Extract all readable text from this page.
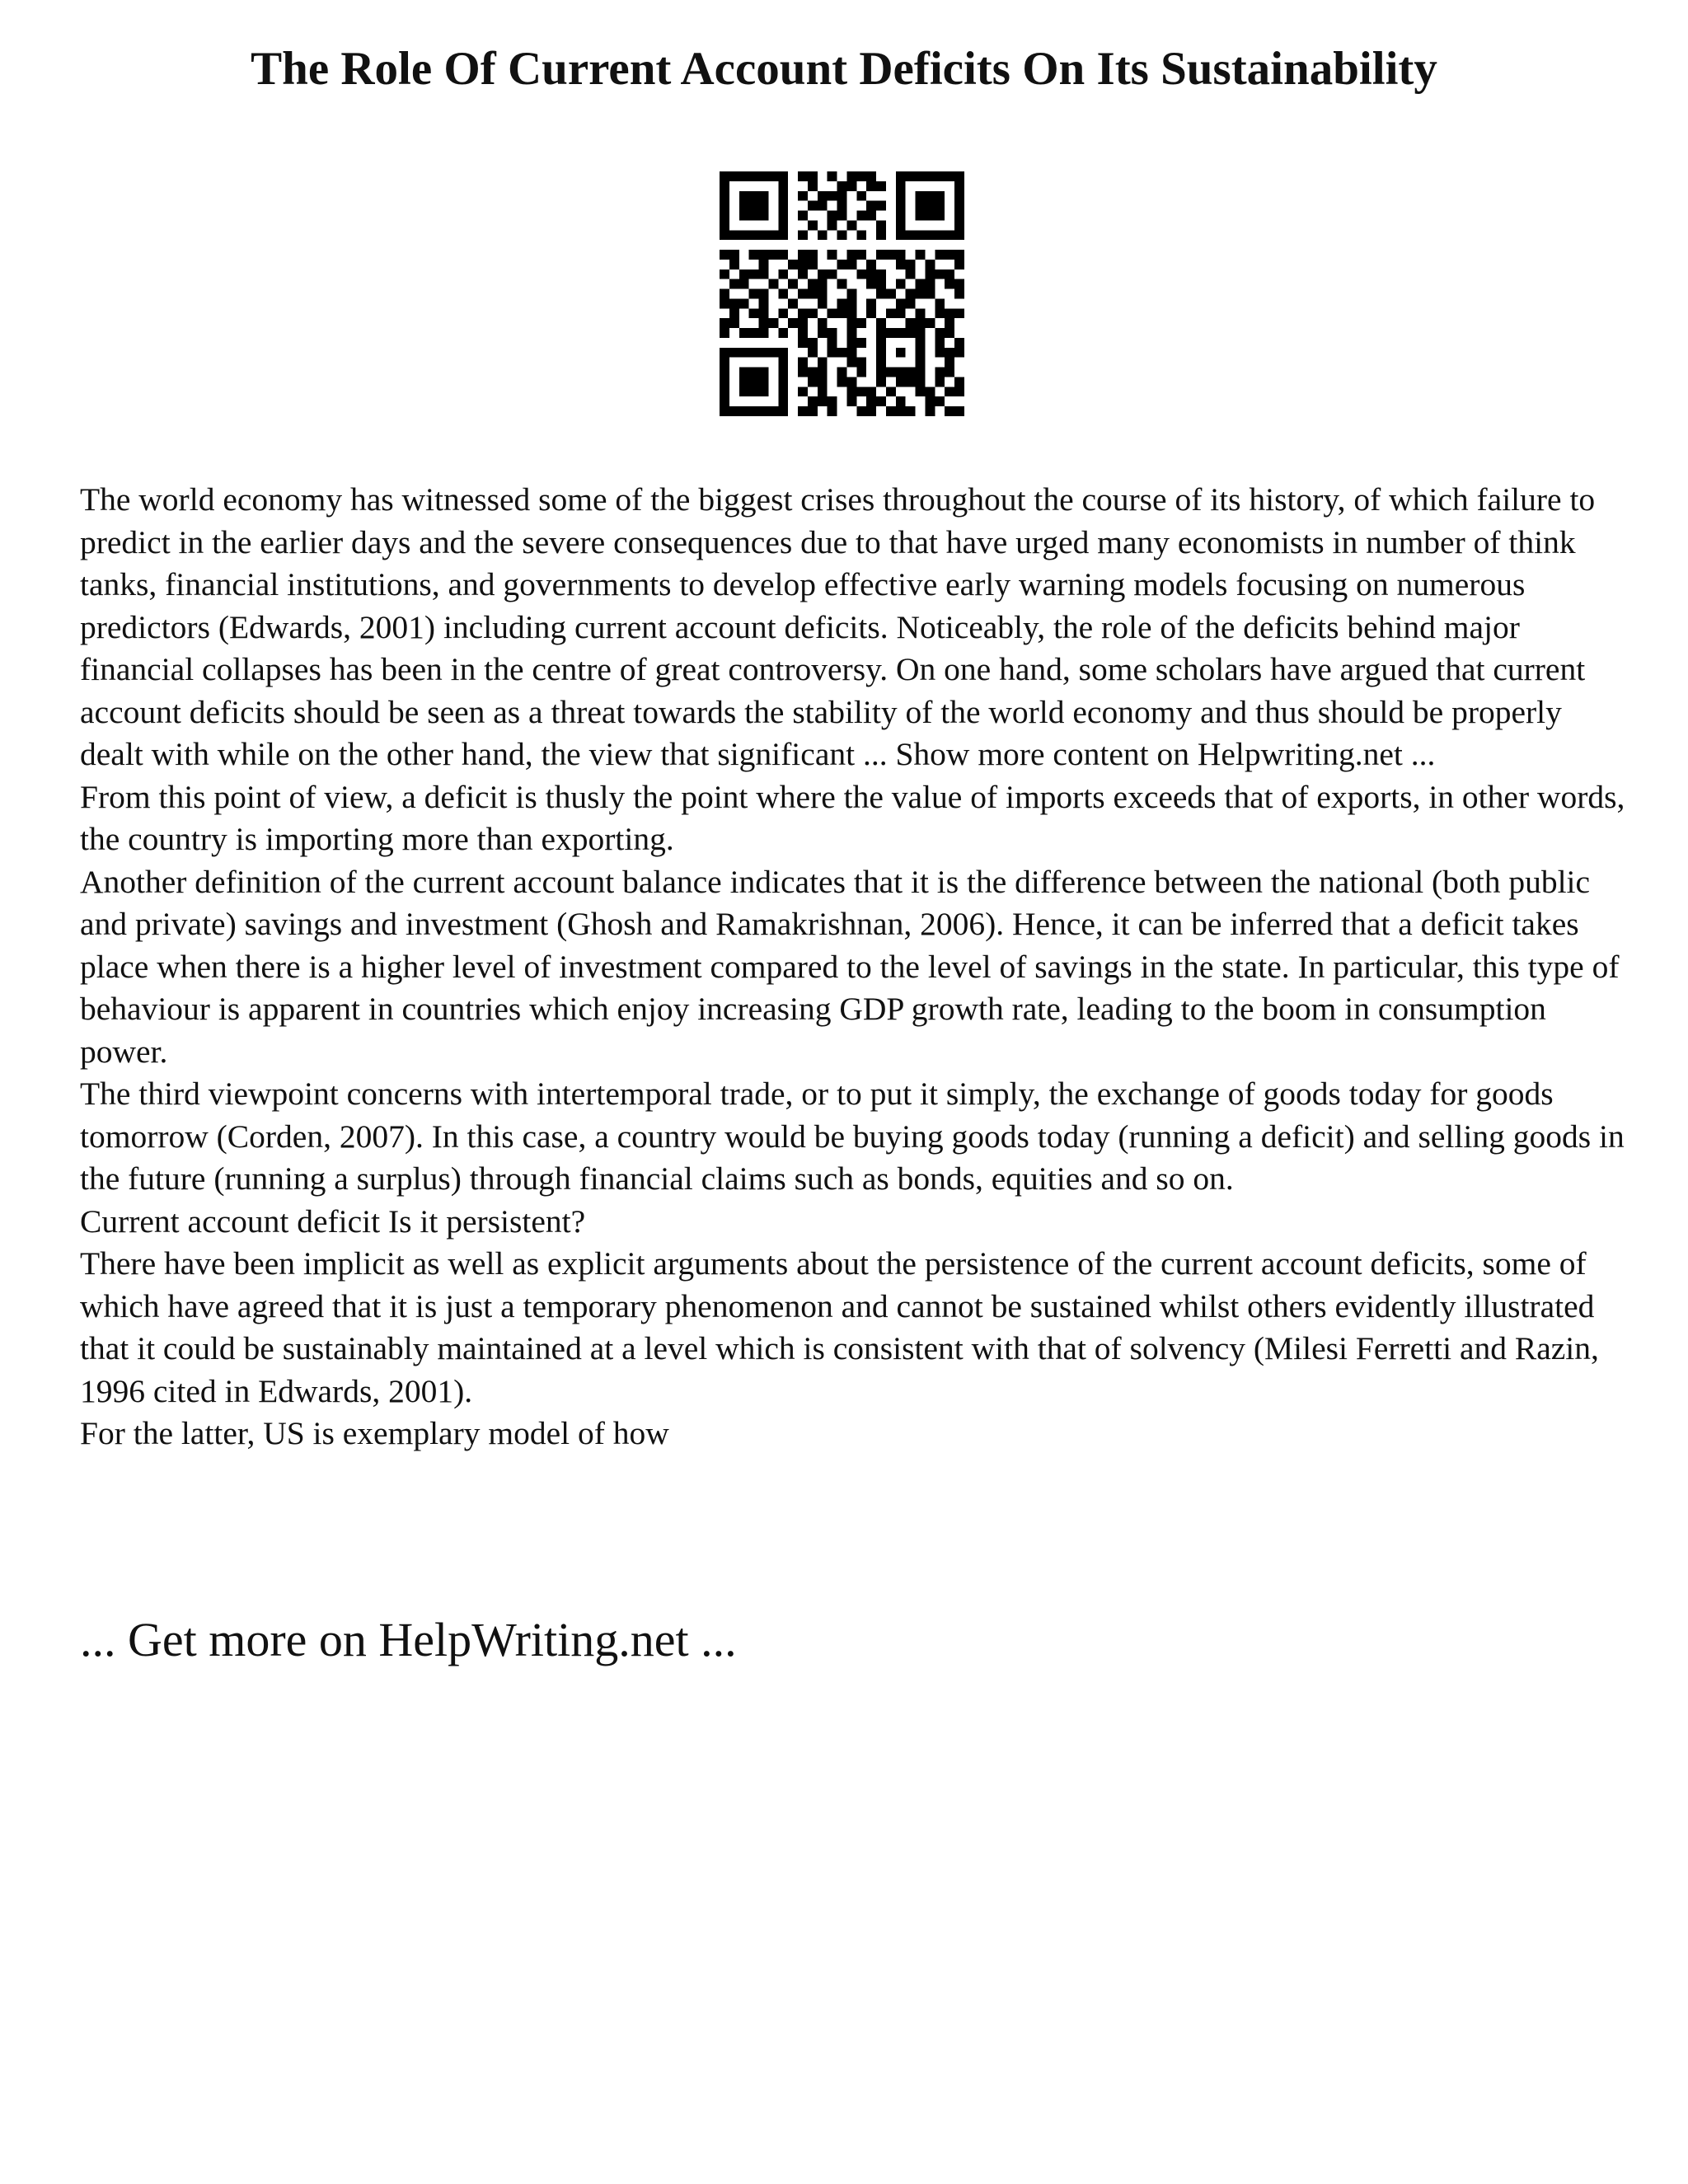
The Role Of Current Account Deficits On Its Sustainability

The world economy has witnessed some of the biggest crises throughout the course of its history, of which failure to predict in the earlier days and the severe consequences due to that have urged many economists in number of think tanks, financial institutions, and governments to develop effective early warning models focusing on numerous predictors (Edwards, 2001) including current account deficits. Noticeably, the role of the deficits behind major financial collapses has been in the centre of great controversy. On one hand, some scholars have argued that current account deficits should be seen as a threat towards the stability of the world economy and thus should be properly dealt with while on the other hand, the view that significant ... Show more content on Helpwriting.net ...

From this point of view, a deficit is thusly the point where the value of imports exceeds that of exports, in other words, the country is importing more than exporting.

Another definition of the current account balance indicates that it is the difference between the national (both public and private) savings and investment (Ghosh and Ramakrishnan, 2006). Hence, it can be inferred that a deficit takes place when there is a higher level of investment compared to the level of savings in the state. In particular, this type of behaviour is apparent in countries which enjoy increasing GDP growth rate, leading to the boom in consumption power.

The third viewpoint concerns with intertemporal trade, or to put it simply, the exchange of goods today for goods tomorrow (Corden, 2007). In this case, a country would be buying goods today (running a deficit) and selling goods in the future (running a surplus) through financial claims such as bonds, equities and so on.

Current account deficit Is it persistent?

There have been implicit as well as explicit arguments about the persistence of the current account deficits, some of which have agreed that it is just a temporary phenomenon and cannot be sustained whilst others evidently illustrated that it could be sustainably maintained at a level which is consistent with that of solvency (Milesi Ferretti and Razin, 1996 cited in Edwards, 2001).

For the latter, US is exemplary model of how

... Get more on HelpWriting.net ...
